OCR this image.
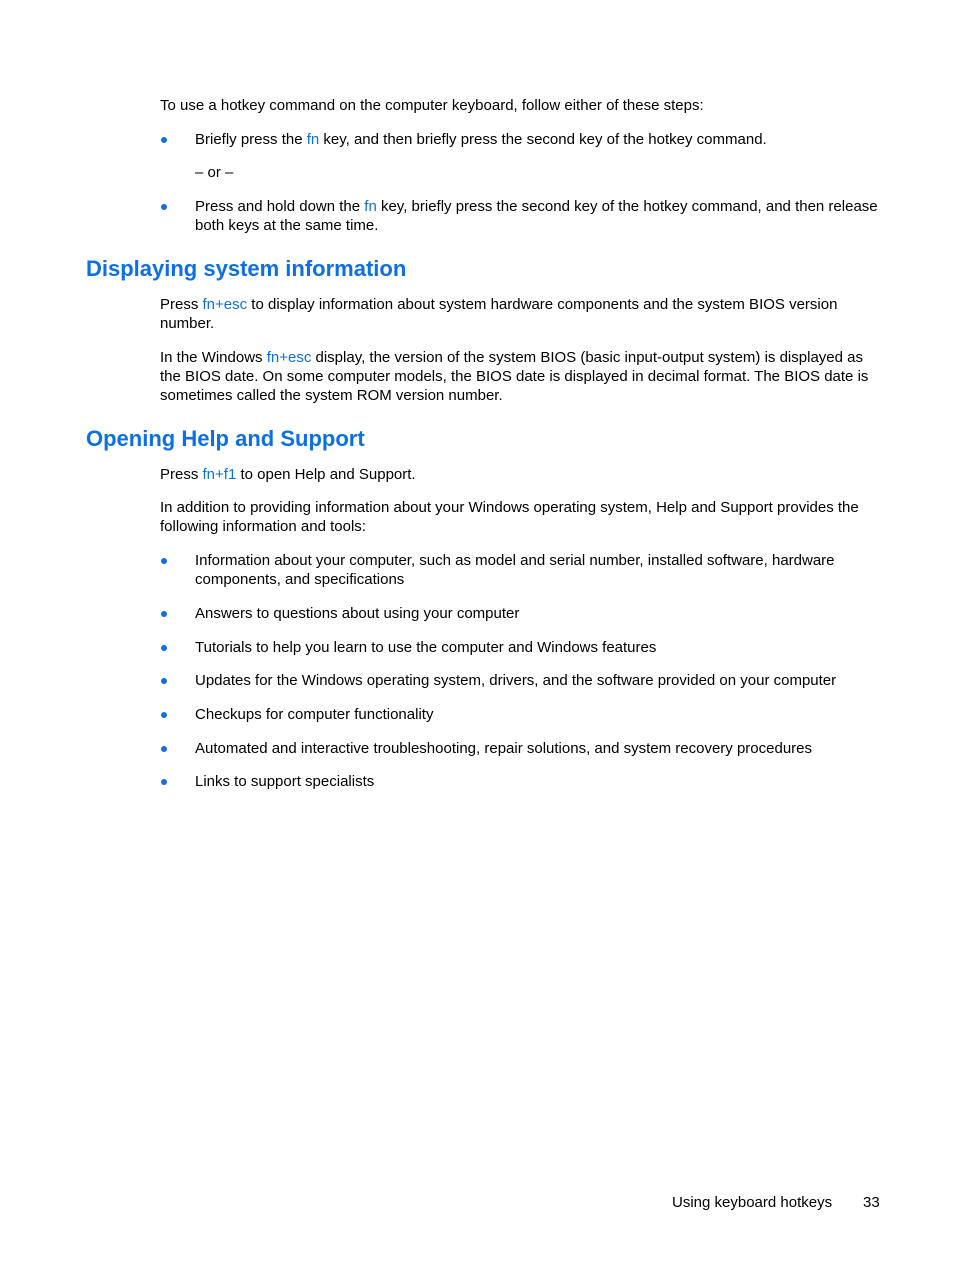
To use a hotkey command on the computer keyboard, follow either of these steps:

Briefly press the fn key, and then briefly press the second key of the hotkey command.

– or –

Press and hold down the fn key, briefly press the second key of the hotkey command, and then release both keys at the same time.

Displaying system information

Press fn+esc to display information about system hardware components and the system BIOS version number.

In the Windows fn+esc display, the version of the system BIOS (basic input-output system) is displayed as the BIOS date. On some computer models, the BIOS date is displayed in decimal format. The BIOS date is sometimes called the system ROM version number.

Opening Help and Support

Press fn+f1 to open Help and Support.

In addition to providing information about your Windows operating system, Help and Support provides the following information and tools:

Information about your computer, such as model and serial number, installed software, hardware components, and specifications

Answers to questions about using your computer

Tutorials to help you learn to use the computer and Windows features

Updates for the Windows operating system, drivers, and the software provided on your computer

Checkups for computer functionality

Automated and interactive troubleshooting, repair solutions, and system recovery procedures

Links to support specialists

Using keyboard hotkeys 33
